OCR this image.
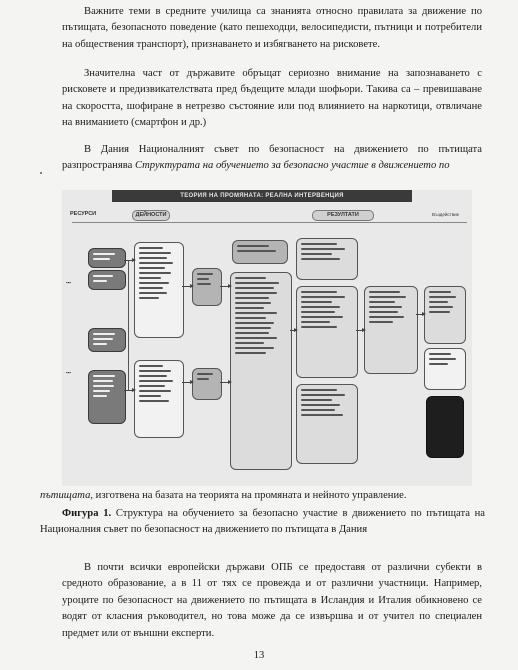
Важните теми в средните училища са знанията относно правилата за движение по пътищата, безопасното поведение (като пешеходци, велосипедисти, пътници и потребители на обществения транспорт), признаването и избягването на рисковете.

Значителна част от държавите обръщат сериозно внимание на запознаването с рисковете и предизвикателствата пред бъдещите млади шофьори. Такива са – превишаване на скоростта, шофиране в нетрезво състояние или под влиянието на наркотици, отвличане на вниманието (смартфон и др.)

В Дания Националният съвет по безопасност на движението по пътищата разпространява Структурата на обучението за безопасно участие в движението по

ТЕОРИЯ НА ПРОМЯНАТА: РЕАЛНА ИНТЕРВЕНЦИЯ
РЕСУРСИ	ДЕЙНОСТИ	РЕЗУЛТАТИ	Въздействие
▪▪▪
▪▪▪

пътищата, изготвена на базата на теорията на промяната и нейното управление.

Фигура 1. Структура на обучението за безопасно участие в движението по пътищата на Националния съвет по безопасност на движението по пътищата в Дания

В почти всички европейски държави ОПБ се предоставя от различни субекти в средното образование, а в 11 от тях се провежда и от различни участници. Например, уроците по безопасност на движението по пътищата в Исландия и Италия обикновено се водят от класния ръководител, но това може да се извършва и от учител по специален предмет или от външни експерти.

13
